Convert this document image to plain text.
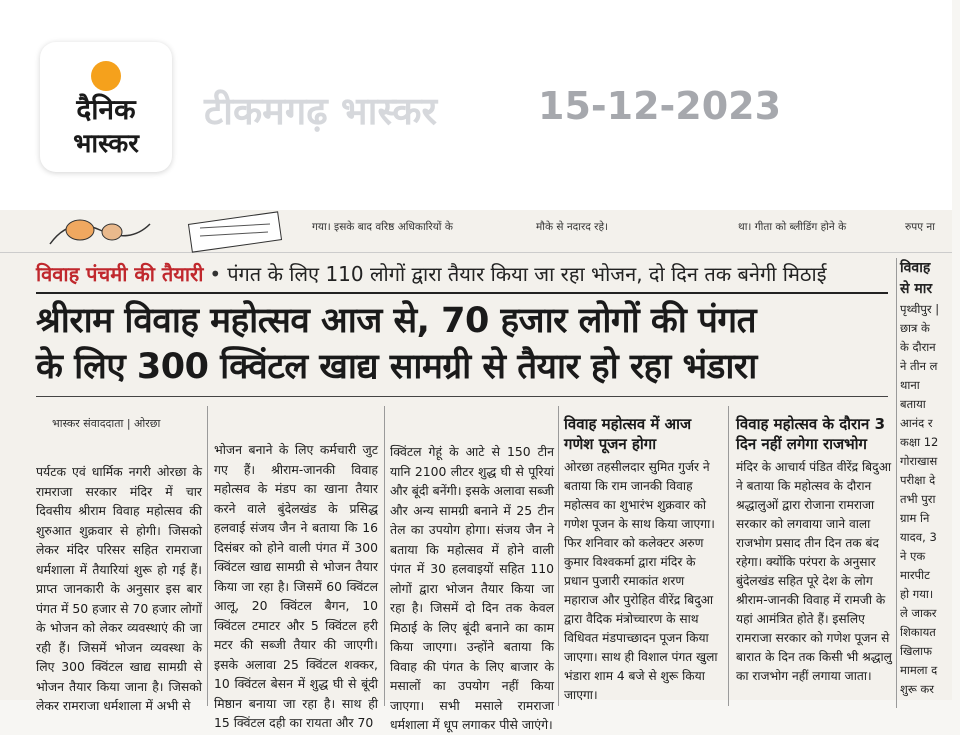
दैनिक
भास्कर
टीकमगढ़ भास्कर	15-12-2023
गया। इसके बाद वरिष्ठ अधिकारियों के	मौके से नदारद रहे।	था। गीता को ब्लीडिंग होने के	रुपए ना
विवाह पंचमी की तैयारी • पंगत के लिए 110 लोगों द्वारा तैयार किया जा रहा भोजन, दो दिन तक बनेगी मिठाई
श्रीराम विवाह महोत्सव आज से, 70 हजार लोगों की पंगत
के लिए 300 क्विंटल खाद्य सामग्री से तैयार हो रहा भंडारा
भास्कर संवाददाता | ओरछा
पर्यटक एवं धार्मिक नगरी ओरछा के रामराजा सरकार मंदिर में चार दिवसीय श्रीराम विवाह महोत्सव की शुरुआत शुक्रवार से होगी। जिसको लेकर मंदिर परिसर सहित रामराजा धर्मशाला में तैयारियां शुरू हो गई हैं। प्राप्त जानकारी के अनुसार इस बार पंगत में 50 हजार से 70 हजार लोगों के भोजन को लेकर व्यवस्थाएं की जा रही हैं। जिसमें भोजन व्यवस्था के लिए 300 क्विंटल खाद्य सामग्री से भोजन तैयार किया जाना है। जिसको लेकर रामराजा धर्मशाला में अभी से
भोजन बनाने के लिए कर्मचारी जुट गए हैं। श्रीराम-जानकी विवाह महोत्सव के मंडप का खाना तैयार करने वाले बुंदेलखंड के प्रसिद्ध हलवाई संजय जैन ने बताया कि 16 दिसंबर को होने वाली पंगत में 300 क्विंटल खाद्य सामग्री से भोजन तैयार किया जा रहा है। जिसमें 60 क्विंटल आलू, 20 क्विंटल बैगन, 10 क्विंटल टमाटर और 5 क्विंटल हरी मटर की सब्जी तैयार की जाएगी। इसके अलावा 25 क्विंटल शक्कर, 10 क्विंटल बेसन में शुद्ध घी से बूंदी मिष्ठान बनाया जा रहा है। साथ ही 15 क्विंटल दही का रायता और 70
क्विंटल गेहूं के आटे से 150 टीन यानि 2100 लीटर शुद्ध घी से पूरियां और बूंदी बनेंगी। इसके अलावा सब्जी और अन्य सामग्री बनाने में 25 टीन तेल का उपयोग होगा। संजय जैन ने बताया कि महोत्सव में होने वाली पंगत में 30 हलवाइयों सहित 110 लोगों द्वारा भोजन तैयार किया जा रहा है। जिसमें दो दिन तक केवल मिठाई के लिए बूंदी बनाने का काम किया जाएगा। उन्होंने बताया कि विवाह की पंगत के लिए बाजार के मसालों का उपयोग नहीं किया जाएगा। सभी मसाले रामराजा धर्मशाला में धूप लगाकर पीसे जाएंगे।
विवाह महोत्सव में आज गणेश पूजन होगा
ओरछा तहसीलदार सुमित गुर्जर ने बताया कि राम जानकी विवाह महोत्सव का शुभारंभ शुक्रवार को गणेश पूजन के साथ किया जाएगा। फिर शनिवार को कलेक्टर अरुण कुमार विश्वकर्मा द्वारा मंदिर के प्रधान पुजारी रमाकांत शरण महाराज और पुरोहित वीरेंद्र बिदुआ द्वारा वैदिक मंत्रोच्चारण के साथ विधिवत मंडपाच्छादन पूजन किया जाएगा। साथ ही विशाल पंगत खुला भंडारा शाम 4 बजे से शुरू किया जाएगा।
विवाह महोत्सव के दौरान 3 दिन नहीं लगेगा राजभोग
मंदिर के आचार्य पंडित वीरेंद्र बिदुआ ने बताया कि महोत्सव के दौरान श्रद्धालुओं द्वारा रोजाना रामराजा सरकार को लगवाया जाने वाला राजभोग प्रसाद तीन दिन तक बंद रहेगा। क्योंकि परंपरा के अनुसार बुंदेलखंड सहित पूरे देश के लोग श्रीराम-जानकी विवाह में रामजी के यहां आमंत्रित होते हैं। इसलिए रामराजा सरकार को गणेश पूजन से बारात के दिन तक किसी भी श्रद्धालु का राजभोग नहीं लगाया जाता।
विवाह
से मार
पृथ्वीपुर |
छात्र के
के दौरान
ने तीन ल
थाना
बताया
आनंद र
कक्षा 12
गोराखास
परीक्षा दे
तभी पुरा
ग्राम नि
यादव, 3
ने एक
मारपीट
हो गया।
ले जाकर
शिकायत
खिलाफ
मामला द
शुरू कर
